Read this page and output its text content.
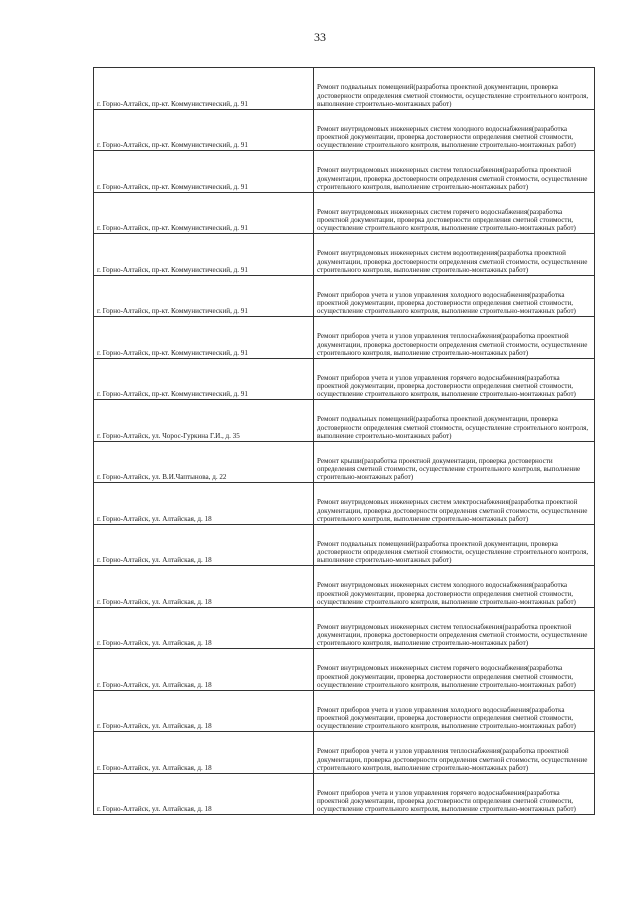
33
г. Горно-Алтайск, пр-кт. Коммунистический, д. 91	Ремонт подвальных помещений(разработка проектной документации, проверка достоверности определения сметной стоимости, осуществление строительного контроля, выполнение строительно-монтажных работ)
г. Горно-Алтайск, пр-кт. Коммунистический, д. 91	Ремонт внутридомовых инженерных систем холодного водоснабжения(разработка проектной документации, проверка достоверности определения сметной стоимости, осуществление строительного контроля, выполнение строительно-монтажных работ)
г. Горно-Алтайск, пр-кт. Коммунистический, д. 91	Ремонт внутридомовых инженерных систем теплоснабжения(разработка проектной документации, проверка достоверности определения сметной стоимости, осуществление строительного контроля, выполнение строительно-монтажных работ)
г. Горно-Алтайск, пр-кт. Коммунистический, д. 91	Ремонт внутридомовых инженерных систем горячего водоснабжения(разработка проектной документации, проверка достоверности определения сметной стоимости, осуществление строительного контроля, выполнение строительно-монтажных работ)
г. Горно-Алтайск, пр-кт. Коммунистический, д. 91	Ремонт внутридомовых инженерных систем водоотведения(разработка проектной документации, проверка достоверности определения сметной стоимости, осуществление строительного контроля, выполнение строительно-монтажных работ)
г. Горно-Алтайск, пр-кт. Коммунистический, д. 91	Ремонт приборов учета и узлов управления холодного водоснабжения(разработка проектной документации, проверка достоверности определения сметной стоимости, осуществление строительного контроля, выполнение строительно-монтажных работ)
г. Горно-Алтайск, пр-кт. Коммунистический, д. 91	Ремонт приборов учета и узлов управления теплоснабжения(разработка проектной документации, проверка достоверности определения сметной стоимости, осуществление строительного контроля, выполнение строительно-монтажных работ)
г. Горно-Алтайск, пр-кт. Коммунистический, д. 91	Ремонт приборов учета и узлов управления горячего водоснабжения(разработка проектной документации, проверка достоверности определения сметной стоимости, осуществление строительного контроля, выполнение строительно-монтажных работ)
г. Горно-Алтайск, ул. Чорос-Гуркина Г.И., д. 35	Ремонт подвальных помещений(разработка проектной документации, проверка достоверности определения сметной стоимости, осуществление строительного контроля, выполнение строительно-монтажных работ)
г. Горно-Алтайск, ул. В.И.Чаптынова, д. 22	Ремонт крыши(разработка проектной документации, проверка достоверности определения сметной стоимости, осуществление строительного контроля, выполнение строительно-монтажных работ)
г. Горно-Алтайск, ул. Алтайская, д. 18	Ремонт внутридомовых инженерных систем электроснабжения(разработка проектной документации, проверка достоверности определения сметной стоимости, осуществление строительного контроля, выполнение строительно-монтажных работ)
г. Горно-Алтайск, ул. Алтайская, д. 18	Ремонт подвальных помещений(разработка проектной документации, проверка достоверности определения сметной стоимости, осуществление строительного контроля, выполнение строительно-монтажных работ)
г. Горно-Алтайск, ул. Алтайская, д. 18	Ремонт внутридомовых инженерных систем холодного водоснабжения(разработка проектной документации, проверка достоверности определения сметной стоимости, осуществление строительного контроля, выполнение строительно-монтажных работ)
г. Горно-Алтайск, ул. Алтайская, д. 18	Ремонт внутридомовых инженерных систем теплоснабжения(разработка проектной документации, проверка достоверности определения сметной стоимости, осуществление строительного контроля, выполнение строительно-монтажных работ)
г. Горно-Алтайск, ул. Алтайская, д. 18	Ремонт внутридомовых инженерных систем горячего водоснабжения(разработка проектной документации, проверка достоверности определения сметной стоимости, осуществление строительного контроля, выполнение строительно-монтажных работ)
г. Горно-Алтайск, ул. Алтайская, д. 18	Ремонт приборов учета и узлов управления холодного водоснабжения(разработка проектной документации, проверка достоверности определения сметной стоимости, осуществление строительного контроля, выполнение строительно-монтажных работ)
г. Горно-Алтайск, ул. Алтайская, д. 18	Ремонт приборов учета и узлов управления теплоснабжения(разработка проектной документации, проверка достоверности определения сметной стоимости, осуществление строительного контроля, выполнение строительно-монтажных работ)
г. Горно-Алтайск, ул. Алтайская, д. 18	Ремонт приборов учета и узлов управления горячего водоснабжения(разработка проектной документации, проверка достоверности определения сметной стоимости, осуществление строительного контроля, выполнение строительно-монтажных работ)
